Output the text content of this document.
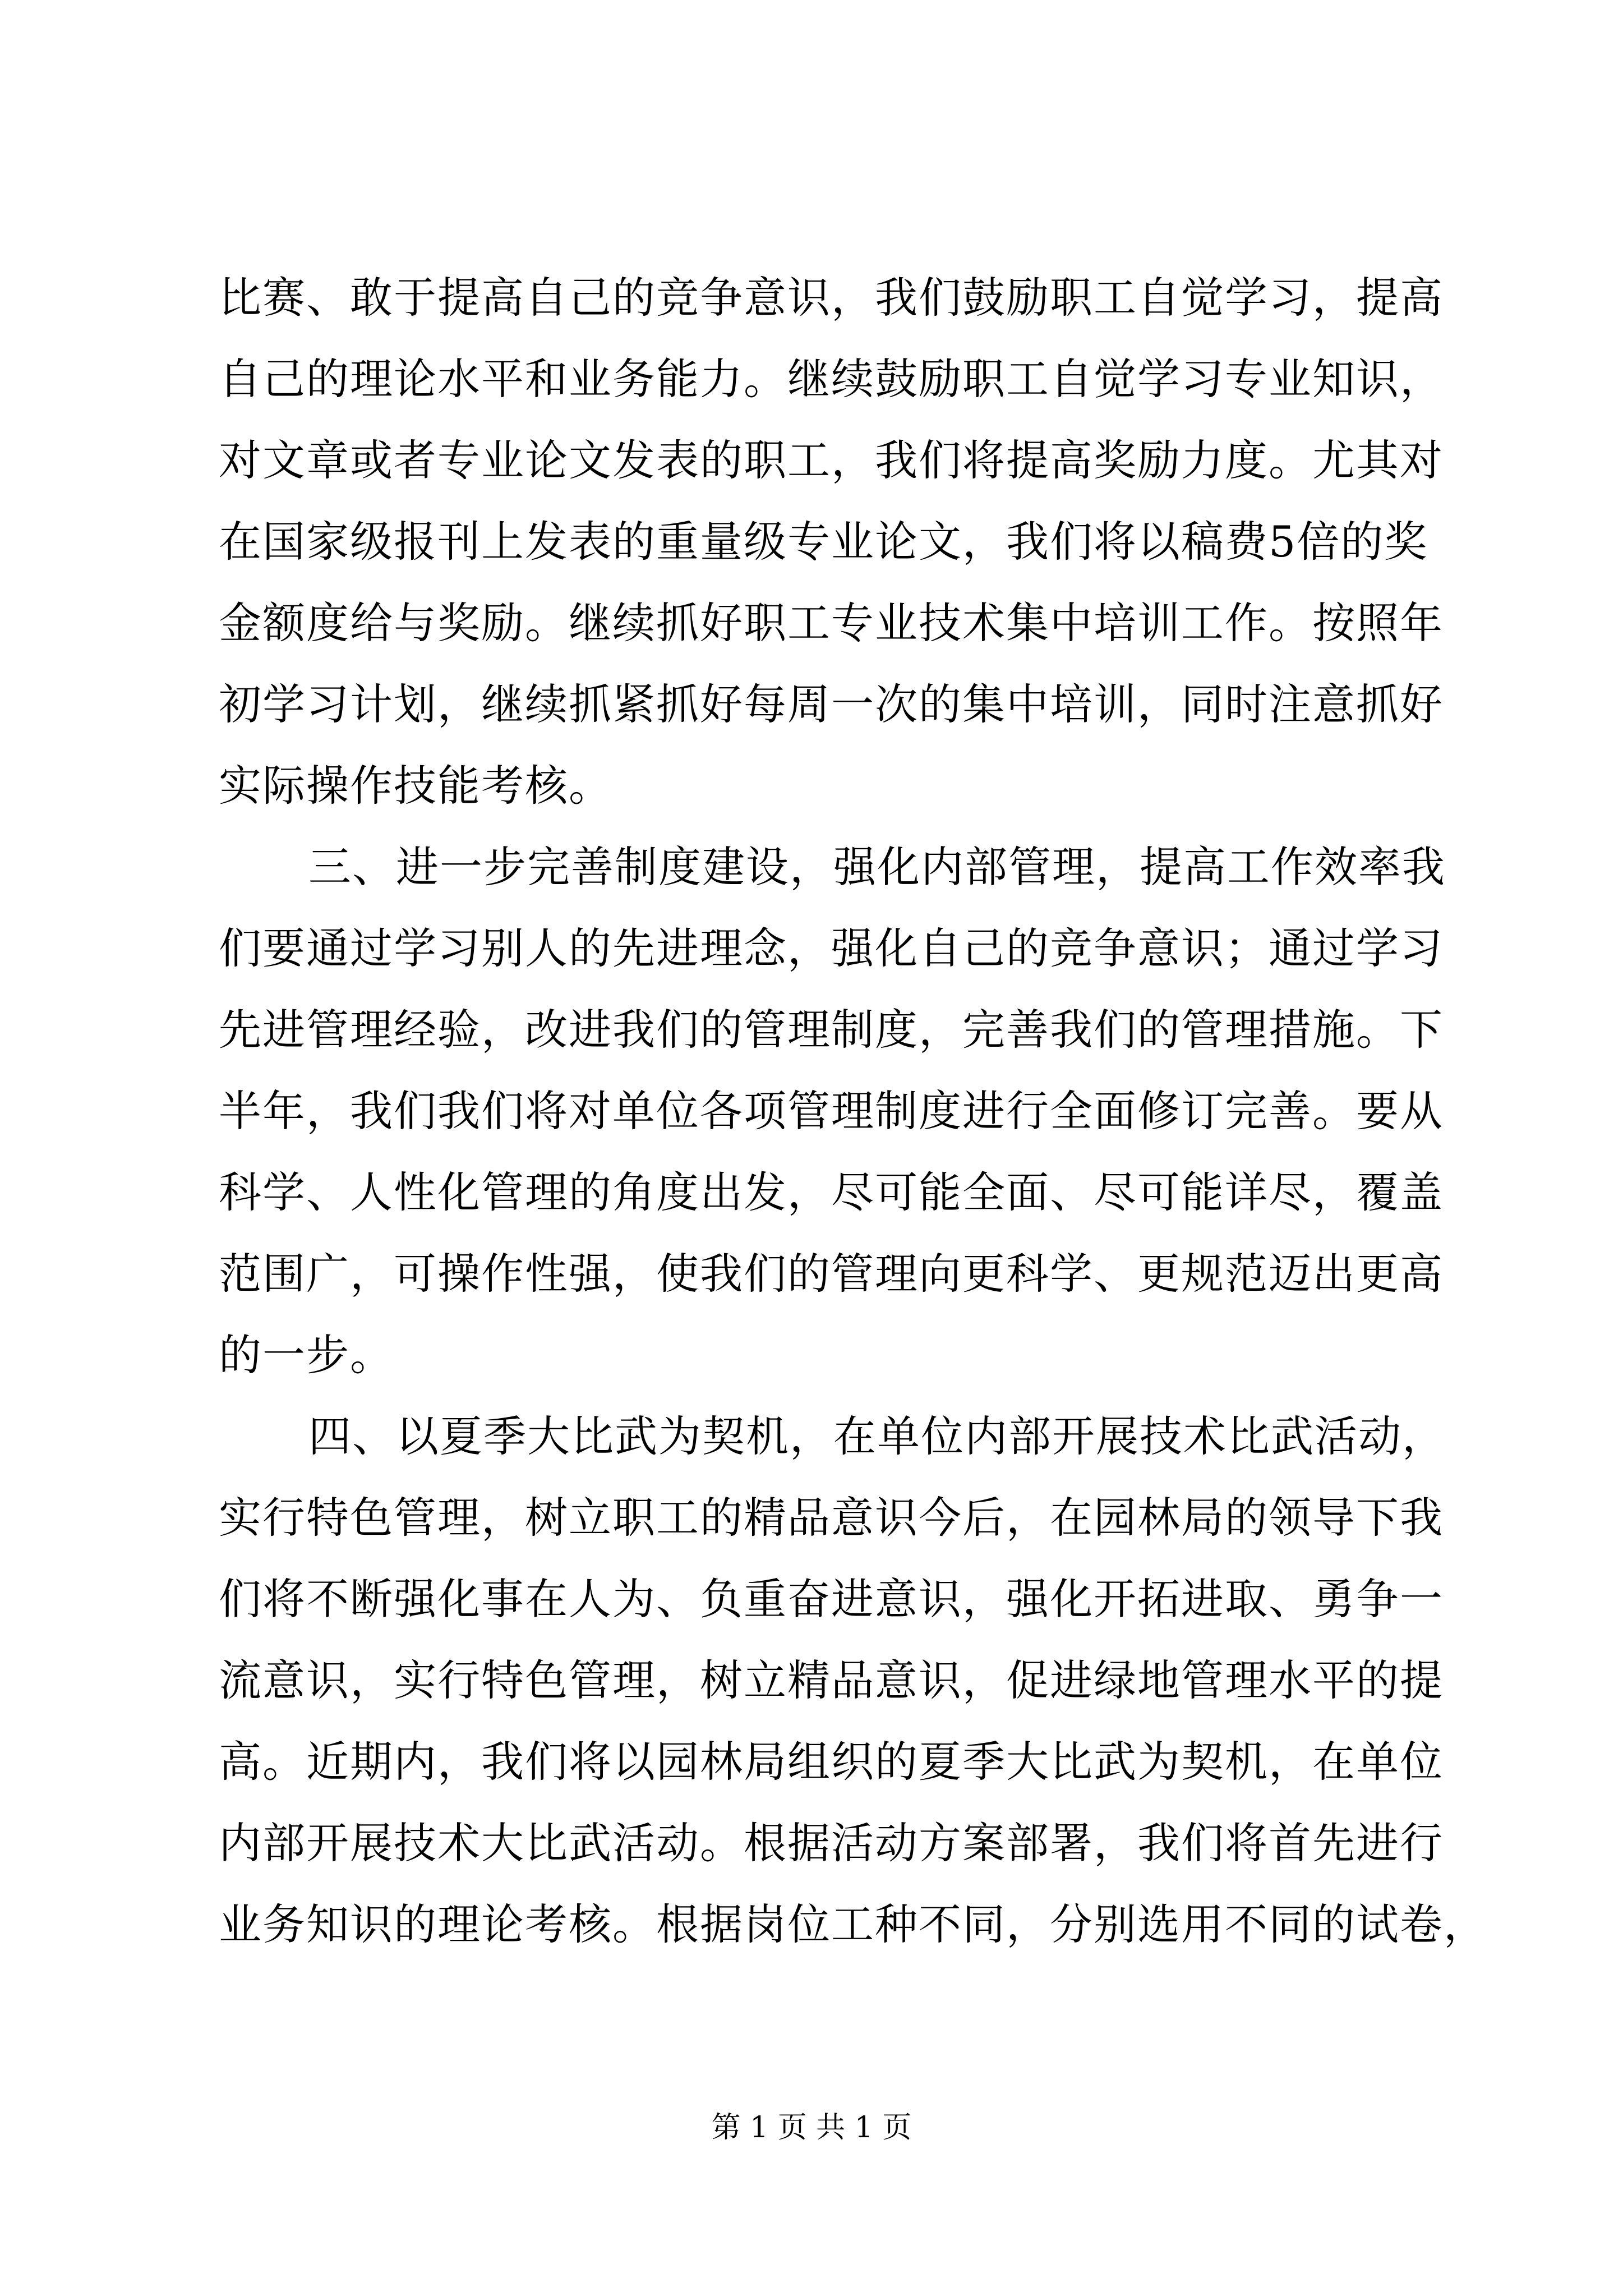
比赛、敢于提高自己的竞争意识，我们鼓励职工自觉学习，提高
自己的理论水平和业务能力。继续鼓励职工自觉学习专业知识，
对文章或者专业论文发表的职工，我们将提高奖励力度。尤其对
在国家级报刊上发表的重量级专业论文，我们将以稿费5倍的奖
金额度给与奖励。继续抓好职工专业技术集中培训工作。按照年
初学习计划，继续抓紧抓好每周一次的集中培训，同时注意抓好
实际操作技能考核。
三、进一步完善制度建设，强化内部管理，提高工作效率我
们要通过学习别人的先进理念，强化自己的竞争意识；通过学习
先进管理经验，改进我们的管理制度，完善我们的管理措施。下
半年，我们我们将对单位各项管理制度进行全面修订完善。要从
科学、人性化管理的角度出发，尽可能全面、尽可能详尽，覆盖
范围广，可操作性强，使我们的管理向更科学、更规范迈出更高
的一步。
四、以夏季大比武为契机，在单位内部开展技术比武活动，
实行特色管理，树立职工的精品意识今后，在园林局的领导下我
们将不断强化事在人为、负重奋进意识，强化开拓进取、勇争一
流意识，实行特色管理，树立精品意识，促进绿地管理水平的提
高。近期内，我们将以园林局组织的夏季大比武为契机，在单位
内部开展技术大比武活动。根据活动方案部署，我们将首先进行
业务知识的理论考核。根据岗位工种不同，分别选用不同的试卷，
第 1 页 共 1 页
